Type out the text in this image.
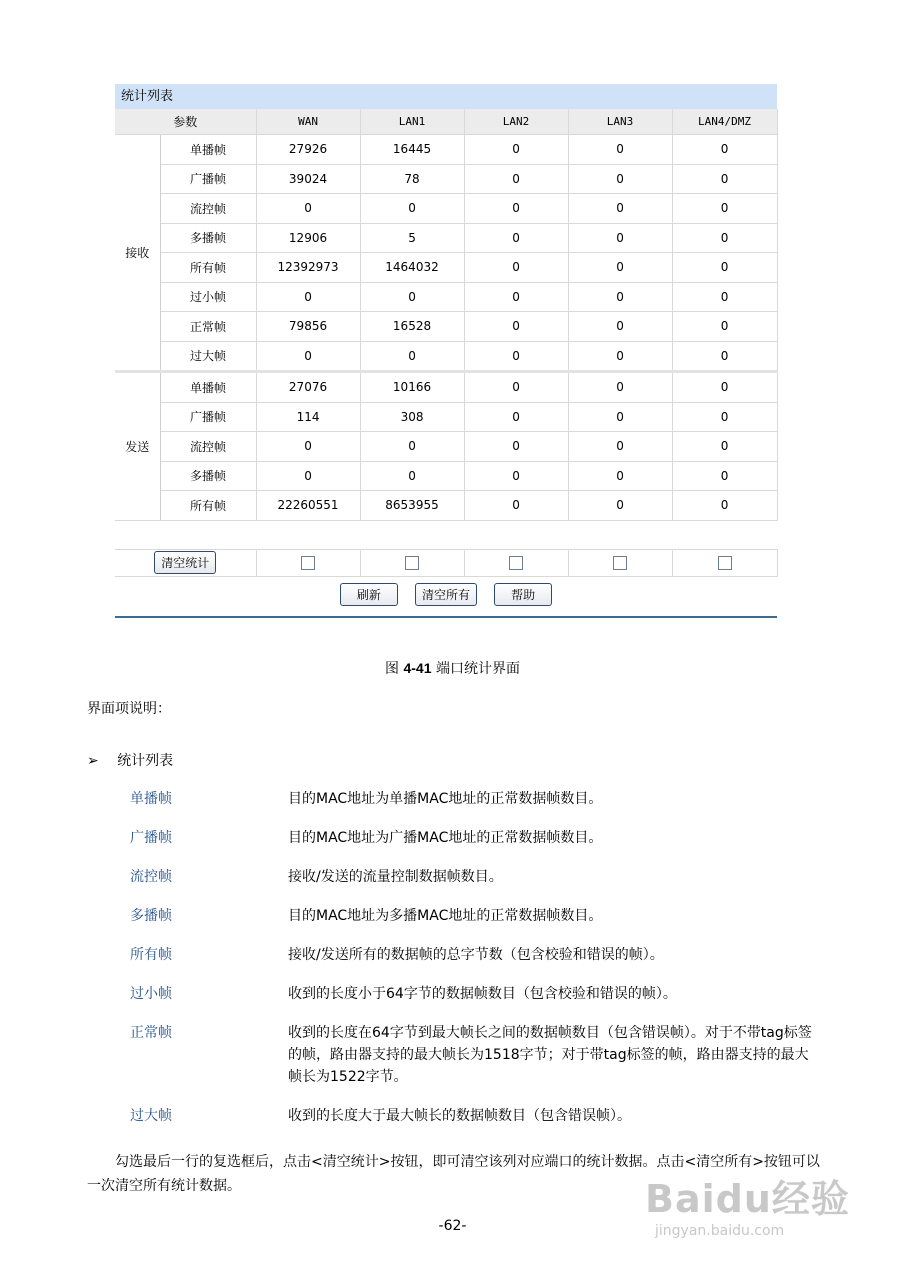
统计列表
参数		WAN	LAN1	LAN2	LAN3	LAN4/DMZ
接收	单播帧	27926	16445	0	0	0
	广播帧	39024	78	0	0	0
	流控帧	0	0	0	0	0
	多播帧	12906	5	0	0	0
	所有帧	12392973	1464032	0	0	0
	过小帧	0	0	0	0	0
	正常帧	79856	16528	0	0	0
	过大帧	0	0	0	0	0
发送	单播帧	27076	10166	0	0	0
	广播帧	114	308	0	0	0
	流控帧	0	0	0	0	0
	多播帧	0	0	0	0	0
	所有帧	22260551	8653955	0	0	0

清空统计						
刷新	清空所有	帮助
图 4-41 端口统计界面
界面项说明：
➢ 统计列表
单播帧	目的MAC地址为单播MAC地址的正常数据帧数目。
广播帧	目的MAC地址为广播MAC地址的正常数据帧数目。
流控帧	接收/发送的流量控制数据帧数目。
多播帧	目的MAC地址为多播MAC地址的正常数据帧数目。
所有帧	接收/发送所有的数据帧的总字节数（包含校验和错误的帧）。
过小帧	收到的长度小于64字节的数据帧数目（包含校验和错误的帧）。
正常帧	收到的长度在64字节到最大帧长之间的数据帧数目（包含错误帧）。对于不带tag标签的帧，路由器支持的最大帧长为1518字节；对于带tag标签的帧，路由器支持的最大帧长为1522字节。
过大帧	收到的长度大于最大帧长的数据帧数目（包含错误帧）。
勾选最后一行的复选框后，点击<清空统计>按钮，即可清空该列对应端口的统计数据。点击<清空所有>按钮可以一次清空所有统计数据。	Baidu经验
jingyan.baidu.com
-62-
